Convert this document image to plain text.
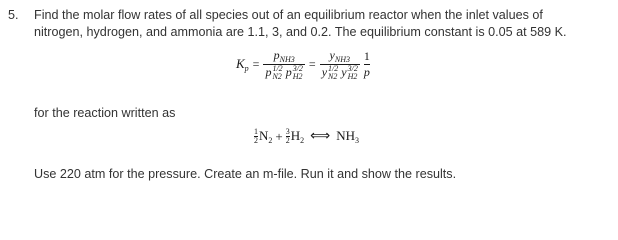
5. Find the molar flow rates of all species out of an equilibrium reactor when the inlet values of
nitrogen, hydrogen, and ammonia are 1.1, 3, and 0.2. The equilibrium constant is 0.05 at 589 K.
$K_p = p_{NH3}$
p 1/2
N2 p 3/2
$H2 = y_{NH3}$
y 1/2
N2 y 3/2
$H2 \frac{1}{p}$
for the reaction written as
1
2 $N_2 + 3$
2 $H_2$ ⟺ $NH_3$
Use 220 atm for the pressure. Create an m-file. Run it and show the results.
